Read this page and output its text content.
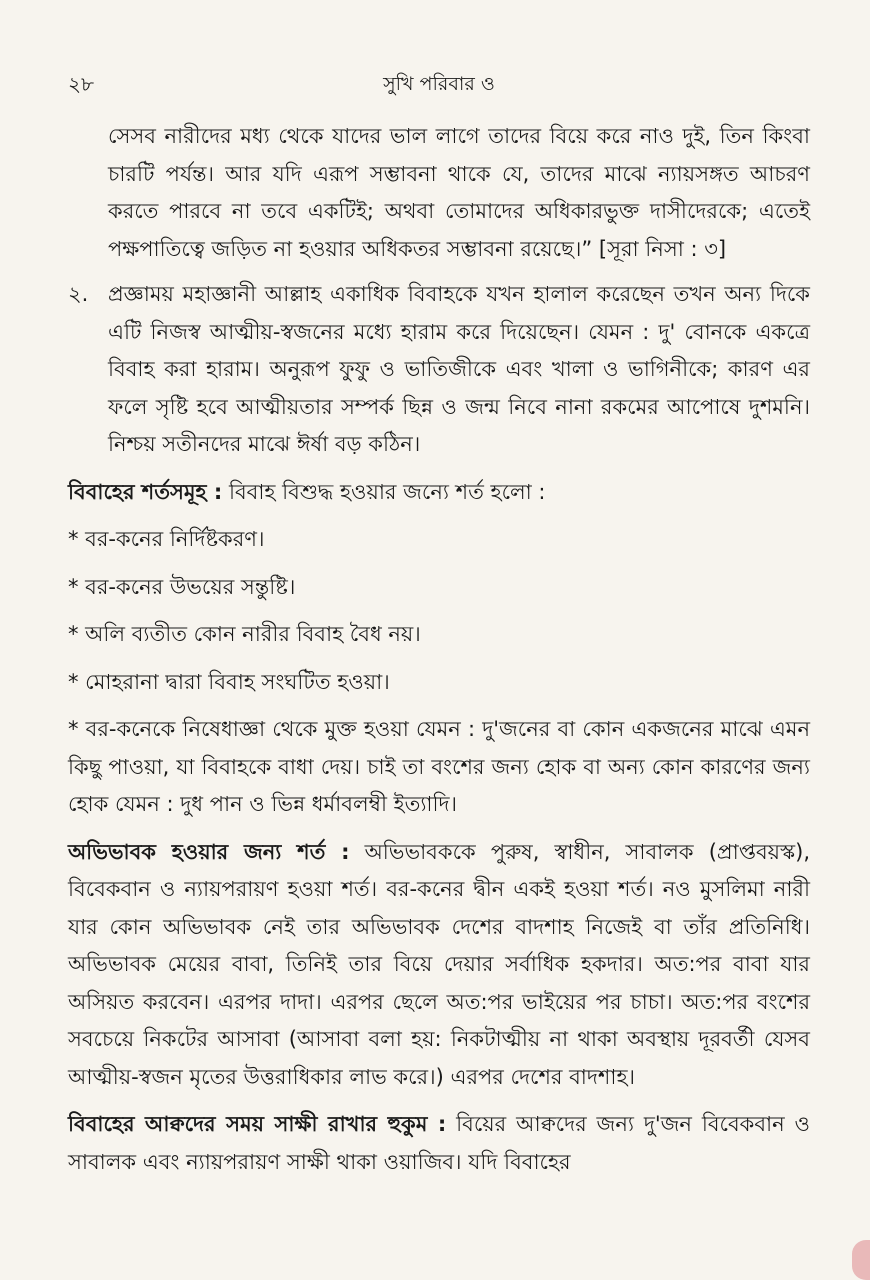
২৮	সুখি পরিবার ও

সেসব নারীদের মধ্য থেকে যাদের ভাল লাগে তাদের বিয়ে করে নাও দুই, তিন কিংবা চারটি পর্যন্ত। আর যদি এরূপ সম্ভাবনা থাকে যে, তাদের মাঝে ন্যায়সঙ্গত আচরণ করতে পারবে না তবে একটিই; অথবা তোমাদের অধিকারভুক্ত দাসীদেরকে; এতেই পক্ষপাতিত্বে জড়িত না হওয়ার অধিকতর সম্ভাবনা রয়েছে।” [সূরা নিসা : ৩]

২. প্রজ্ঞাময় মহাজ্ঞানী আল্লাহ একাধিক বিবাহকে যখন হালাল করেছেন তখন অন্য দিকে এটি নিজস্ব আত্মীয়-স্বজনের মধ্যে হারাম করে দিয়েছেন। যেমন : দু' বোনকে একত্রে বিবাহ করা হারাম। অনুরূপ ফুফু ও ভাতিজীকে এবং খালা ও ভাগিনীকে; কারণ এর ফলে সৃষ্টি হবে আত্মীয়তার সম্পর্ক ছিন্ন ও জন্ম নিবে নানা রকমের আপোষে দুশমনি। নিশ্চয় সতীনদের মাঝে ঈর্ষা বড় কঠিন।

বিবাহের শর্তসমূহ : বিবাহ বিশুদ্ধ হওয়ার জন্যে শর্ত হলো :

* বর-কনের নির্দিষ্টকরণ।

* বর-কনের উভয়ের সন্তুষ্টি।

* অলি ব্যতীত কোন নারীর বিবাহ বৈধ নয়।

* মোহরানা দ্বারা বিবাহ সংঘটিত হওয়া।

* বর-কনেকে নিষেধাজ্ঞা থেকে মুক্ত হওয়া যেমন : দু'জনের বা কোন একজনের মাঝে এমন কিছু পাওয়া, যা বিবাহকে বাধা দেয়। চাই তা বংশের জন্য হোক বা অন্য কোন কারণের জন্য হোক যেমন : দুধ পান ও ভিন্ন ধর্মাবলম্বী ইত্যাদি।

অভিভাবক হওয়ার জন্য শর্ত : অভিভাবককে পুরুষ, স্বাধীন, সাবালক (প্রাপ্তবয়স্ক), বিবেকবান ও ন্যায়পরায়ণ হওয়া শর্ত। বর-কনের দ্বীন একই হওয়া শর্ত। নও মুসলিমা নারী যার কোন অভিভাবক নেই তার অভিভাবক দেশের বাদশাহ নিজেই বা তাঁর প্রতিনিধি। অভিভাবক মেয়ের বাবা, তিনিই তার বিয়ে দেয়ার সর্বাধিক হকদার। অত:পর বাবা যার অসিয়ত করবেন। এরপর দাদা। এরপর ছেলে অত:পর ভাইয়ের পর চাচা। অত:পর বংশের সবচেয়ে নিকটের আসাবা (আসাবা বলা হয়: নিকটাত্মীয় না থাকা অবস্থায় দূরবর্তী যেসব আত্মীয়-স্বজন মৃতের উত্তরাধিকার লাভ করে।) এরপর দেশের বাদশাহ।

বিবাহের আক্বদের সময় সাক্ষী রাখার হুকুম : বিয়ের আক্বদের জন্য দু'জন বিবেকবান ও সাবালক এবং ন্যায়পরায়ণ সাক্ষী থাকা ওয়াজিব। যদি বিবাহের
